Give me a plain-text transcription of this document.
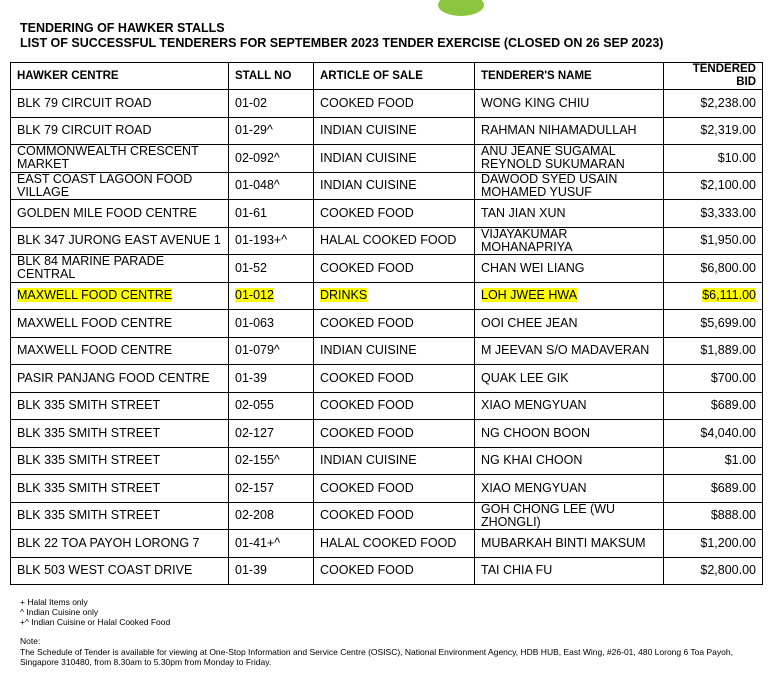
TENDERING OF HAWKER STALLS
LIST OF SUCCESSFUL TENDERERS FOR SEPTEMBER 2023 TENDER EXERCISE (CLOSED ON 26 SEP 2023)
HAWKER CENTRE	STALL NO	ARTICLE OF SALE	TENDERER'S NAME	TENDERED BID
BLK 79 CIRCUIT ROAD	01-02	COOKED FOOD	WONG KING CHIU	$2,238.00
BLK 79 CIRCUIT ROAD	01-29^	INDIAN CUISINE	RAHMAN NIHAMADULLAH	$2,319.00
COMMONWEALTH CRESCENT MARKET	02-092^	INDIAN CUISINE	ANU JEANE SUGAMAL REYNOLD SUKUMARAN	$10.00
EAST COAST LAGOON FOOD VILLAGE	01-048^	INDIAN CUISINE	DAWOOD SYED USAIN MOHAMED YUSUF	$2,100.00
GOLDEN MILE FOOD CENTRE	01-61	COOKED FOOD	TAN JIAN XUN	$3,333.00
BLK 347 JURONG EAST AVENUE 1	01-193+^	HALAL COOKED FOOD	VIJAYAKUMAR MOHANAPRIYA	$1,950.00
BLK 84 MARINE PARADE CENTRAL	01-52	COOKED FOOD	CHAN WEI LIANG	$6,800.00
MAXWELL FOOD CENTRE	01-012	DRINKS	LOH JWEE HWA	$6,111.00
MAXWELL FOOD CENTRE	01-063	COOKED FOOD	OOI CHEE JEAN	$5,699.00
MAXWELL FOOD CENTRE	01-079^	INDIAN CUISINE	M JEEVAN S/O MADAVERAN	$1,889.00
PASIR PANJANG FOOD CENTRE	01-39	COOKED FOOD	QUAK LEE GIK	$700.00
BLK 335 SMITH STREET	02-055	COOKED FOOD	XIAO MENGYUAN	$689.00
BLK 335 SMITH STREET	02-127	COOKED FOOD	NG CHOON BOON	$4,040.00
BLK 335 SMITH STREET	02-155^	INDIAN CUISINE	NG KHAI CHOON	$1.00
BLK 335 SMITH STREET	02-157	COOKED FOOD	XIAO MENGYUAN	$689.00
BLK 335 SMITH STREET	02-208	COOKED FOOD	GOH CHONG LEE (WU ZHONGLI)	$888.00
BLK 22 TOA PAYOH LORONG 7	01-41+^	HALAL COOKED FOOD	MUBARKAH BINTI MAKSUM	$1,200.00
BLK 503 WEST COAST DRIVE	01-39	COOKED FOOD	TAI CHIA FU	$2,800.00
+ Halal Items only
^ Indian Cuisine only
+^ Indian Cuisine or Halal Cooked Food
Note:
The Schedule of Tender is available for viewing at One-Stop Information and Service Centre (OSISC), National Environment Agency, HDB HUB, East Wing, #26-01, 480 Lorong 6 Toa Payoh, Singapore 310480, from 8.30am to 5.30pm from Monday to Friday.
